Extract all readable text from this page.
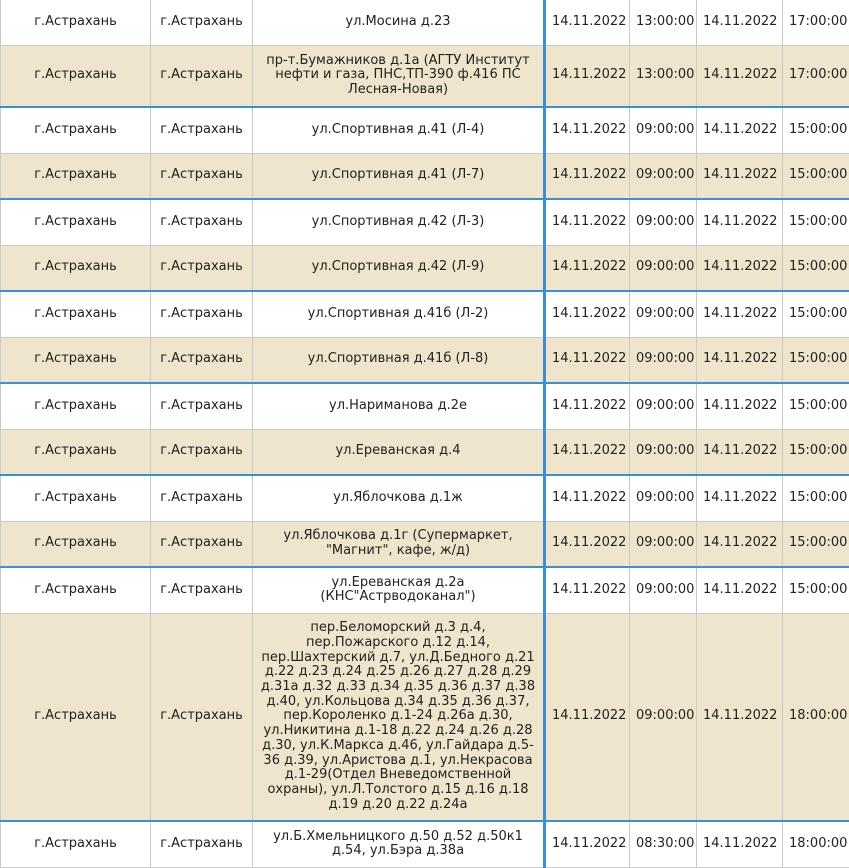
г.Астрахань	г.Астрахань	ул.Мосина д.23	14.11.2022	13:00:00	14.11.2022	17:00:00
г.Астрахань	г.Астрахань	пр-т.Бумажников д.1а (АГТУ Институт нефти и газа, ПНС,ТП-390 ф.416 ПС Лесная-Новая)	14.11.2022	13:00:00	14.11.2022	17:00:00
г.Астрахань	г.Астрахань	ул.Спортивная д.41 (Л-4)	14.11.2022	09:00:00	14.11.2022	15:00:00
г.Астрахань	г.Астрахань	ул.Спортивная д.41 (Л-7)	14.11.2022	09:00:00	14.11.2022	15:00:00
г.Астрахань	г.Астрахань	ул.Спортивная д.42 (Л-3)	14.11.2022	09:00:00	14.11.2022	15:00:00
г.Астрахань	г.Астрахань	ул.Спортивная д.42 (Л-9)	14.11.2022	09:00:00	14.11.2022	15:00:00
г.Астрахань	г.Астрахань	ул.Спортивная д.41б (Л-2)	14.11.2022	09:00:00	14.11.2022	15:00:00
г.Астрахань	г.Астрахань	ул.Спортивная д.41б (Л-8)	14.11.2022	09:00:00	14.11.2022	15:00:00
г.Астрахань	г.Астрахань	ул.Нариманова д.2е	14.11.2022	09:00:00	14.11.2022	15:00:00
г.Астрахань	г.Астрахань	ул.Ереванская д.4	14.11.2022	09:00:00	14.11.2022	15:00:00
г.Астрахань	г.Астрахань	ул.Яблочкова д.1ж	14.11.2022	09:00:00	14.11.2022	15:00:00
г.Астрахань	г.Астрахань	ул.Яблочкова д.1г (Супермаркет, "Магнит", кафе, ж/д)	14.11.2022	09:00:00	14.11.2022	15:00:00
г.Астрахань	г.Астрахань	ул.Ереванская д.2а (КНС"Астрводоканал")	14.11.2022	09:00:00	14.11.2022	15:00:00
г.Астрахань	г.Астрахань	пер.Беломорский д.3 д.4, пер.Пожарского д.12 д.14, пер.Шахтерский д.7, ул.Д.Бедного д.21 д.22 д.23 д.24 д.25 д.26 д.27 д.28 д.29 д.31а д.32 д.33 д.34 д.35 д.36 д.37 д.38 д.40, ул.Кольцова д.34 д.35 д.36 д.37, пер.Короленко д.1-24 д.26а д.30, ул.Никитина д.1-18 д.22 д.24 д.26 д.28 д.30, ул.К.Маркса д.46, ул.Гайдара д.5-36 д.39, ул.Аристова д.1, ул.Некрасова д.1-29(Отдел Вневедомственной охраны), ул.Л.Толстого д.15 д.16 д.18 д.19 д.20 д.22 д.24а	14.11.2022	09:00:00	14.11.2022	18:00:00
г.Астрахань	г.Астрахань	ул.Б.Хмельницкого д.50 д.52 д.50к1 д.54, ул.Бэра д.38а	14.11.2022	08:30:00	14.11.2022	18:00:00
